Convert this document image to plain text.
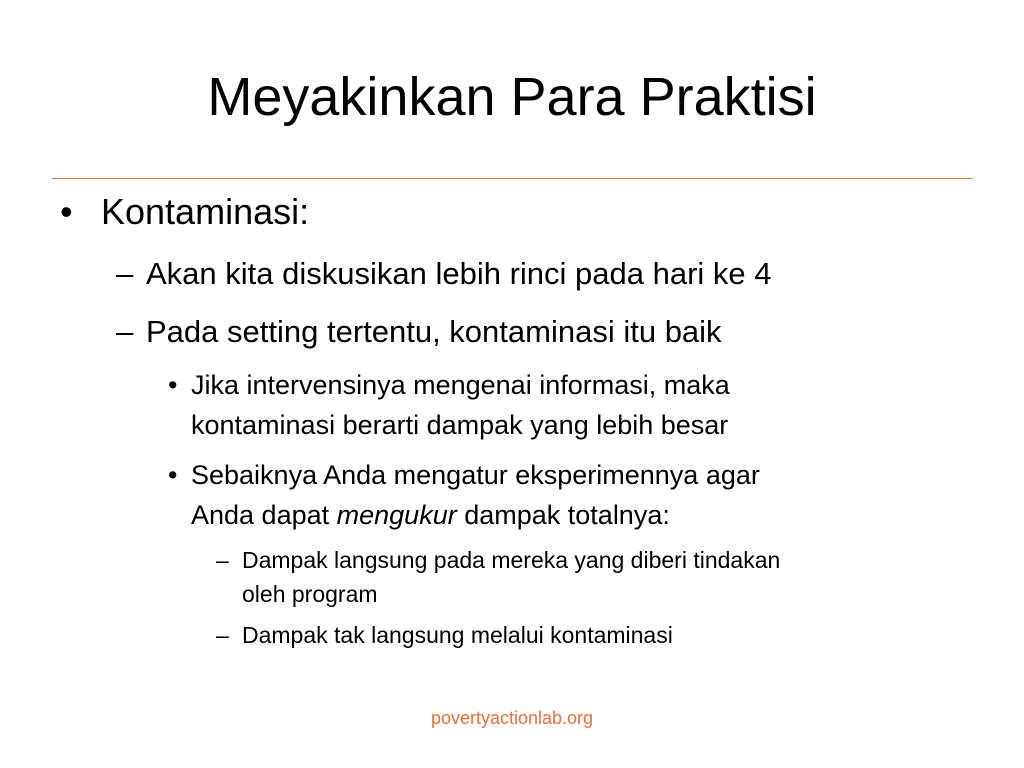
Meyakinkan Para Praktisi
• Kontaminasi:
– Akan kita diskusikan lebih rinci pada hari ke 4
– Pada setting tertentu, kontaminasi itu baik
• Jika intervensinya mengenai informasi, maka
kontaminasi berarti dampak yang lebih besar
• Sebaiknya Anda mengatur eksperimennya agar
Anda dapat mengukur dampak totalnya:
– Dampak langsung pada mereka yang diberi tindakan
oleh program
– Dampak tak langsung melalui kontaminasi
povertyactionlab.org
